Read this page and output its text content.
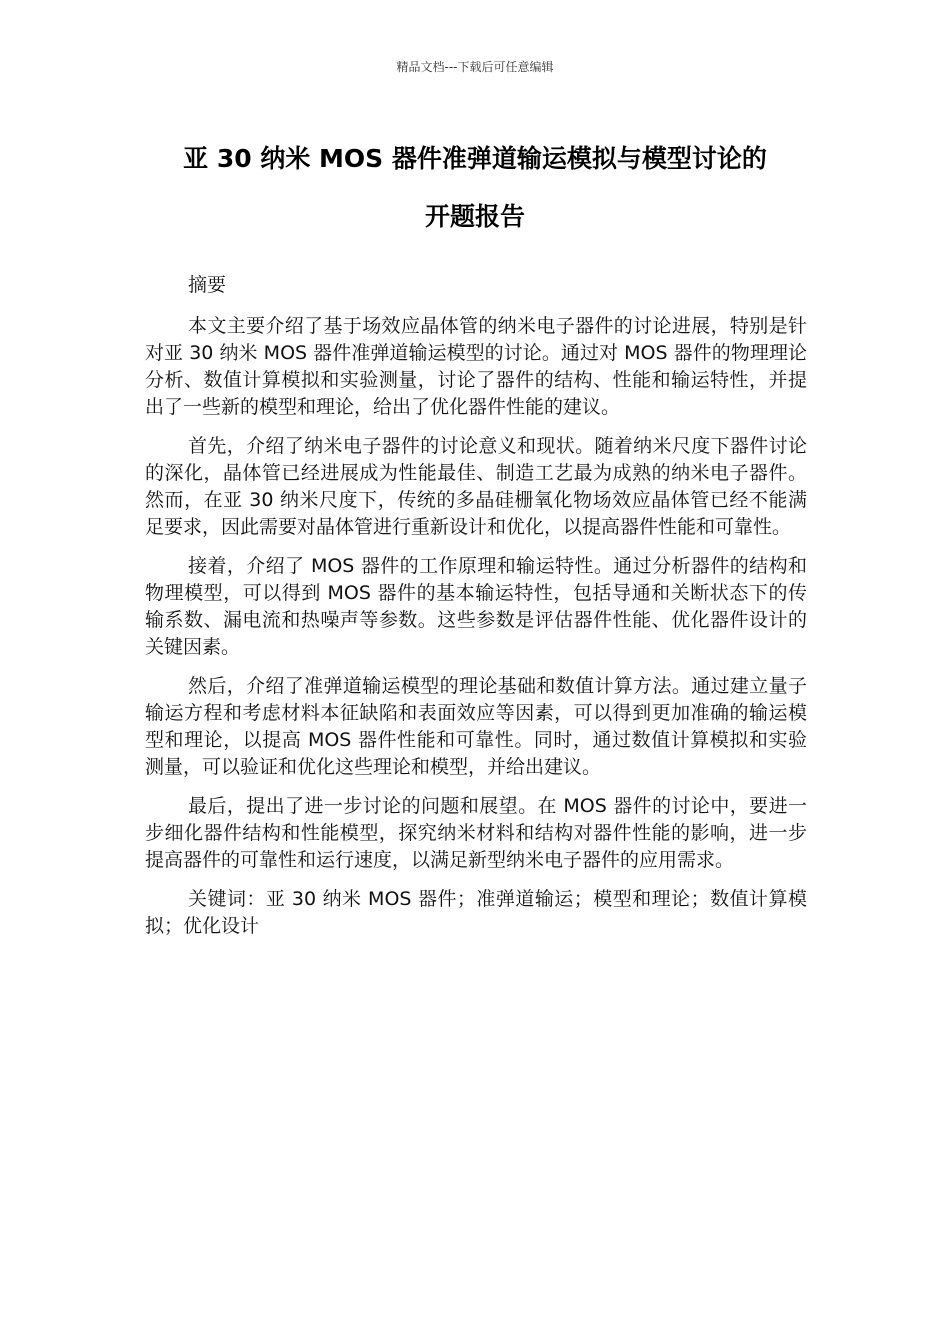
精品文档---下载后可任意编辑
亚 30 纳米 MOS 器件准弹道输运模拟与模型讨论的
开题报告

摘要

本文主要介绍了基于场效应晶体管的纳米电子器件的讨论进展，特别是针对亚 30 纳米 MOS 器件准弹道输运模型的讨论。通过对 MOS 器件的物理理论分析、数值计算模拟和实验测量，讨论了器件的结构、性能和输运特性，并提出了一些新的模型和理论，给出了优化器件性能的建议。

首先，介绍了纳米电子器件的讨论意义和现状。随着纳米尺度下器件讨论的深化，晶体管已经进展成为性能最佳、制造工艺最为成熟的纳米电子器件。然而，在亚 30 纳米尺度下，传统的多晶硅栅氧化物场效应晶体管已经不能满足要求，因此需要对晶体管进行重新设计和优化，以提高器件性能和可靠性。

接着，介绍了 MOS 器件的工作原理和输运特性。通过分析器件的结构和物理模型，可以得到 MOS 器件的基本输运特性，包括导通和关断状态下的传输系数、漏电流和热噪声等参数。这些参数是评估器件性能、优化器件设计的关键因素。

然后，介绍了准弹道输运模型的理论基础和数值计算方法。通过建立量子输运方程和考虑材料本征缺陷和表面效应等因素，可以得到更加准确的输运模型和理论，以提高 MOS 器件性能和可靠性。同时，通过数值计算模拟和实验测量，可以验证和优化这些理论和模型，并给出建议。

最后，提出了进一步讨论的问题和展望。在 MOS 器件的讨论中，要进一步细化器件结构和性能模型，探究纳米材料和结构对器件性能的影响，进一步提高器件的可靠性和运行速度，以满足新型纳米电子器件的应用需求。

关键词：亚 30 纳米 MOS 器件；准弹道输运；模型和理论；数值计算模拟；优化设计
